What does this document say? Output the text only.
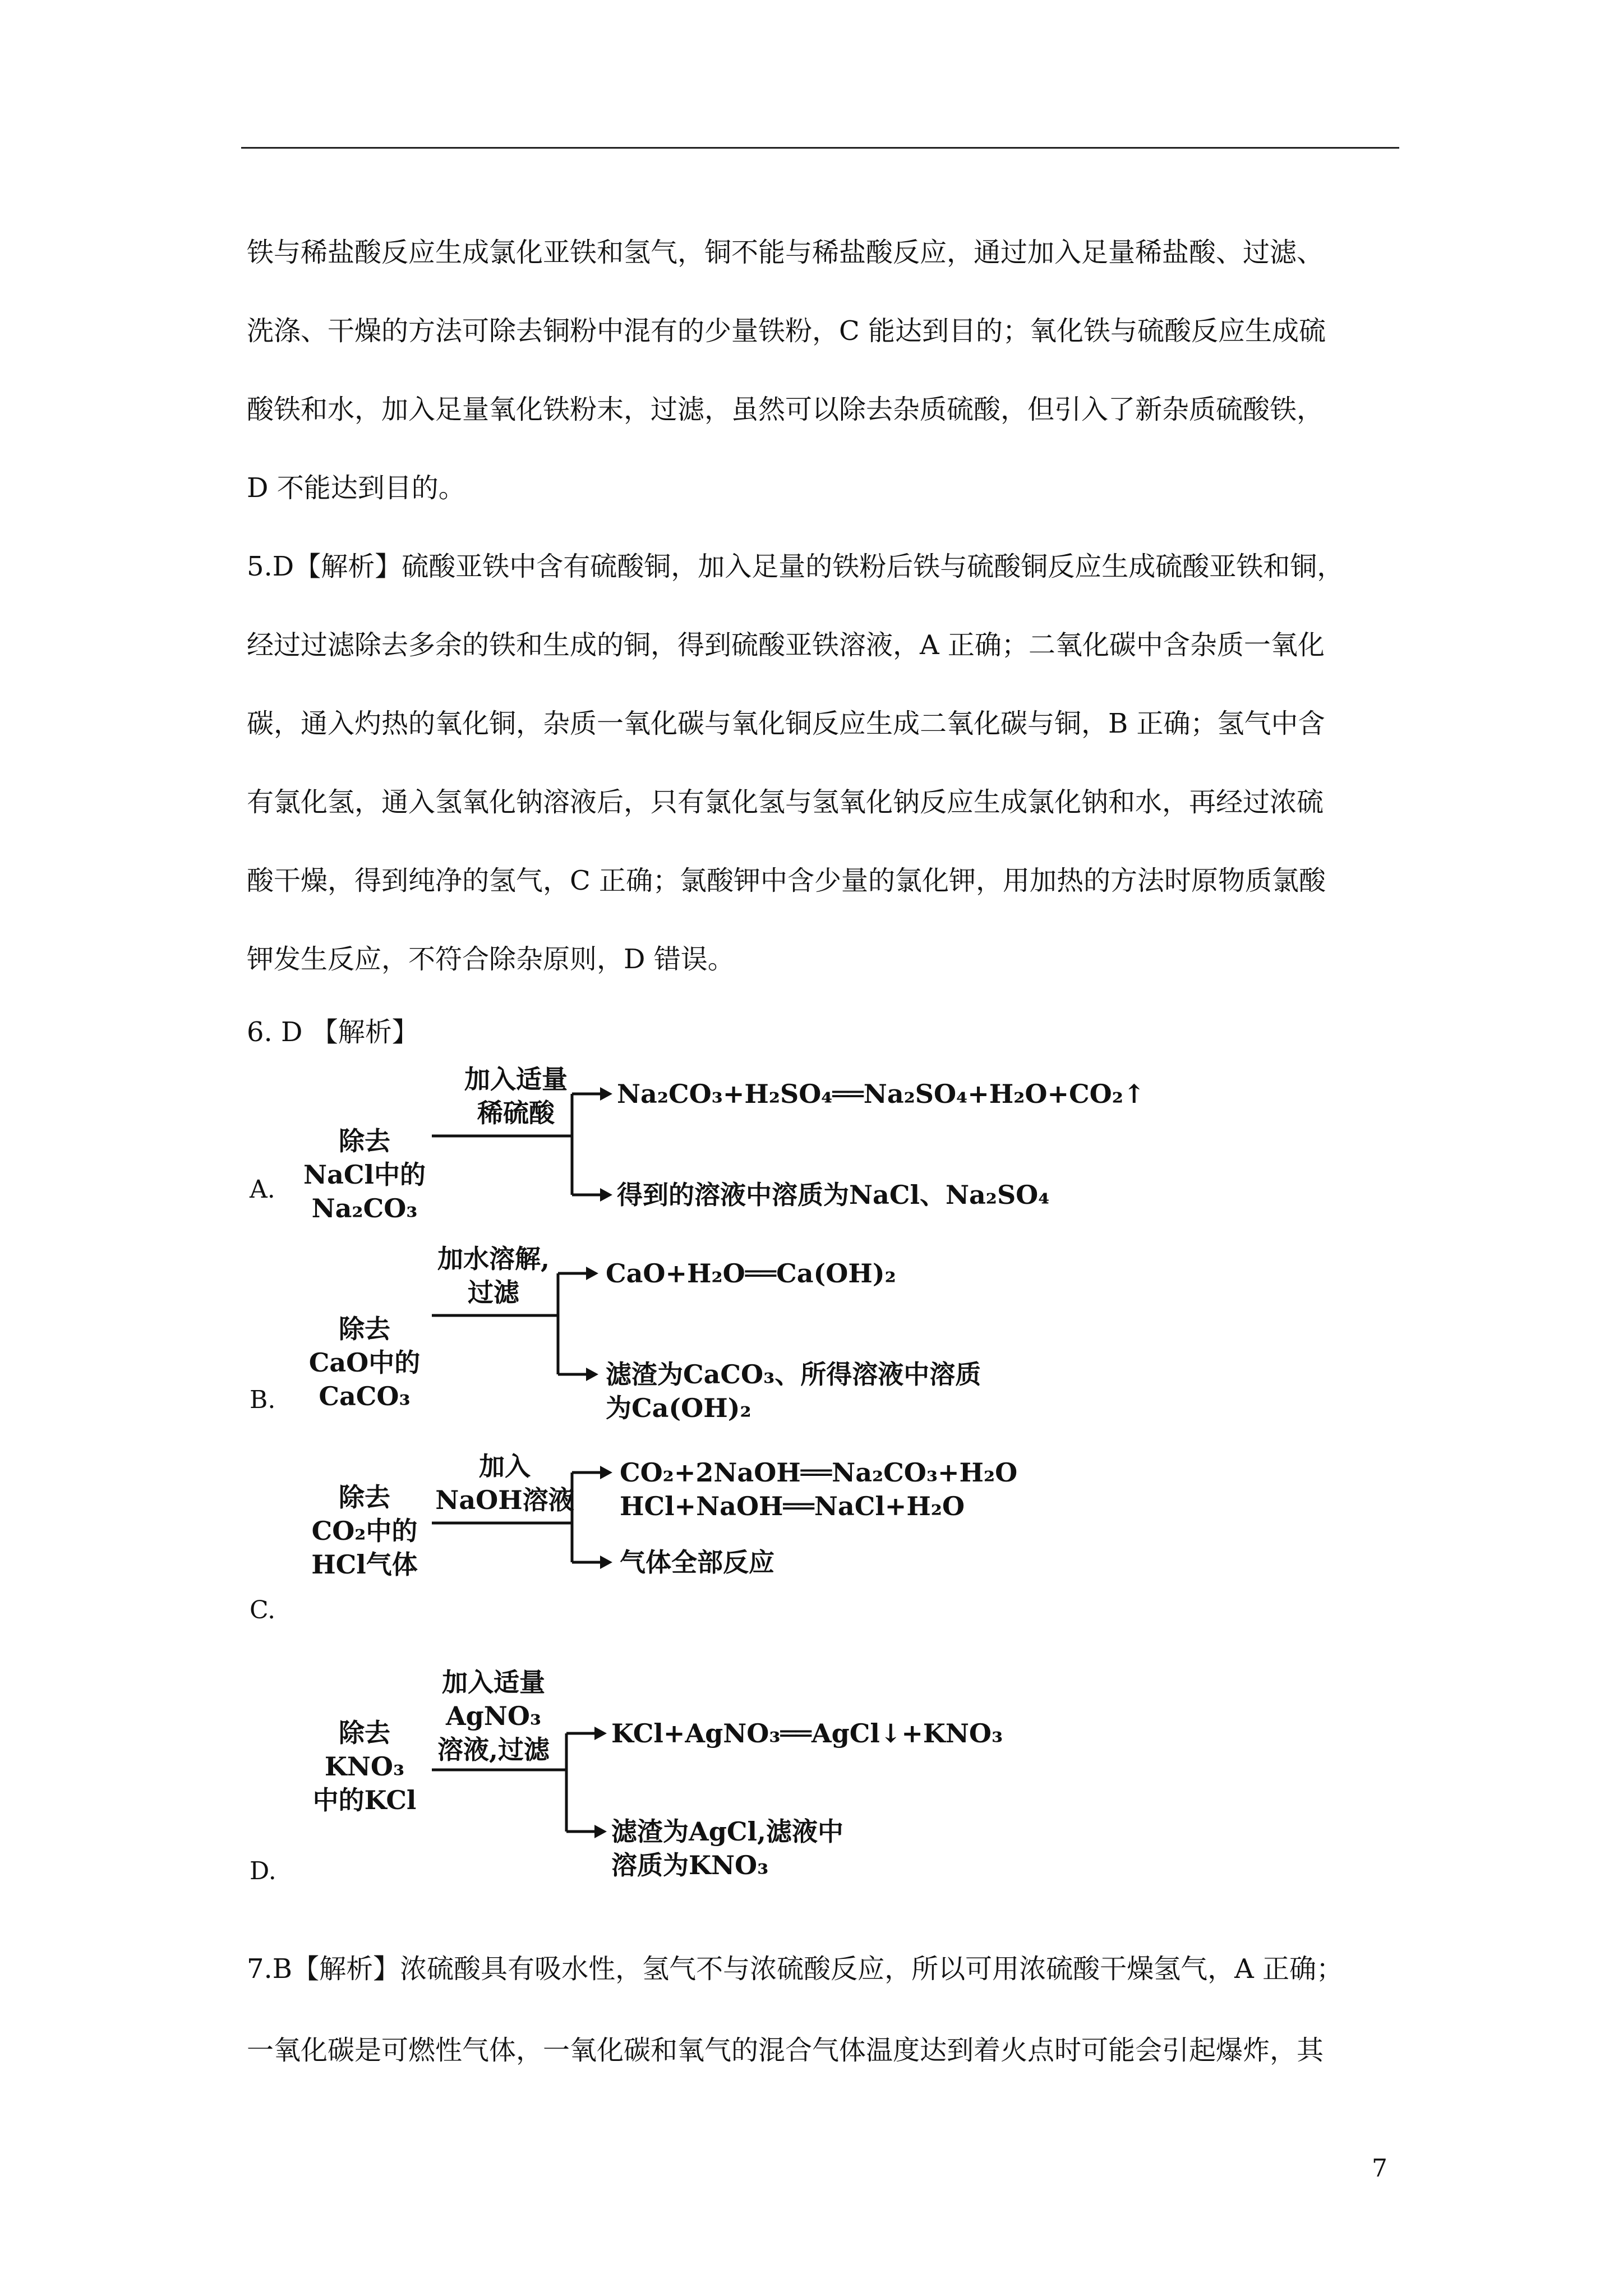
铁与稀盐酸反应生成氯化亚铁和氢气，铜不能与稀盐酸反应，通过加入足量稀盐酸、过滤、
洗涤、干燥的方法可除去铜粉中混有的少量铁粉，C 能达到目的；氧化铁与硫酸反应生成硫
酸铁和水，加入足量氧化铁粉末，过滤，虽然可以除去杂质硫酸，但引入了新杂质硫酸铁，
D 不能达到目的。
5.D【解析】硫酸亚铁中含有硫酸铜，加入足量的铁粉后铁与硫酸铜反应生成硫酸亚铁和铜，
经过过滤除去多余的铁和生成的铜，得到硫酸亚铁溶液，A 正确；二氧化碳中含杂质一氧化
碳，通入灼热的氧化铜，杂质一氧化碳与氧化铜反应生成二氧化碳与铜，B 正确；氢气中含
有氯化氢，通入氢氧化钠溶液后，只有氯化氢与氢氧化钠反应生成氯化钠和水，再经过浓硫
酸干燥，得到纯净的氢气，C 正确；氯酸钾中含少量的氯化钾，用加热的方法时原物质氯酸
钾发生反应，不符合除杂原则，D 错误。
6. D 【解析】
A.
除去
NaCl中的
Na₂CO₃
加入适量
稀硫酸
Na₂CO₃+H₂SO₄══Na₂SO₄+H₂O+CO₂↑
得到的溶液中溶质为NaCl、Na₂SO₄
B.
除去
CaO中的
CaCO₃
加水溶解,
过滤
CaO+H₂O══Ca(OH)₂
滤渣为CaCO₃、所得溶液中溶质
为Ca(OH)₂
C.
除去
CO₂中的
HCl气体
加入
NaOH溶液
CO₂+2NaOH══Na₂CO₃+H₂O
HCl+NaOH══NaCl+H₂O
气体全部反应
D.
除去
KNO₃
中的KCl
加入适量
AgNO₃
溶液,过滤
KCl+AgNO₃══AgCl↓+KNO₃
滤渣为AgCl,滤液中
溶质为KNO₃
7.B【解析】浓硫酸具有吸水性，氢气不与浓硫酸反应，所以可用浓硫酸干燥氢气，A 正确；
一氧化碳是可燃性气体，一氧化碳和氧气的混合气体温度达到着火点时可能会引起爆炸，其
7
